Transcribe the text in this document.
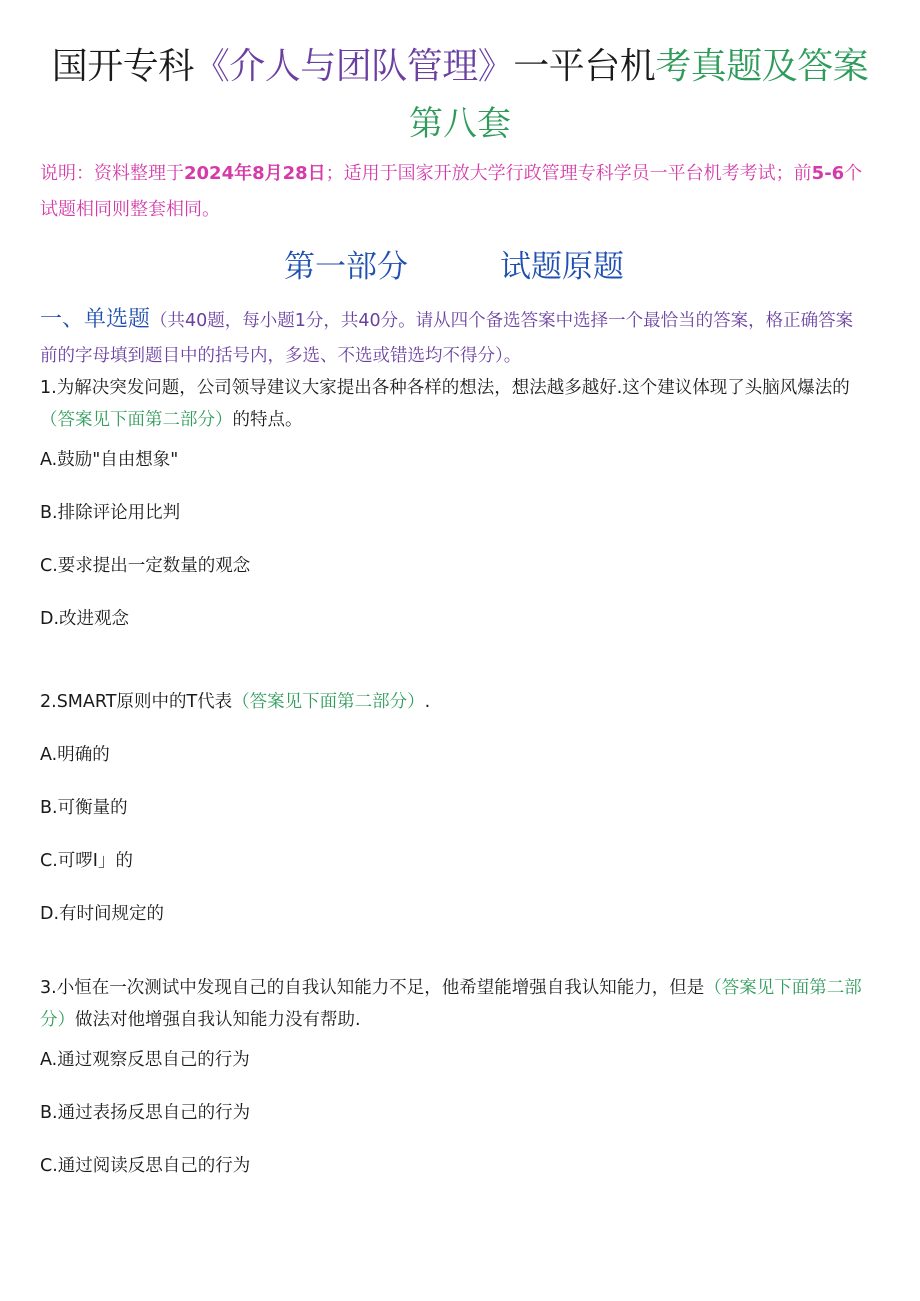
国开专科《介人与团队管理》一平台机考真题及答案
第八套
说明：资料整理于2024年8月28日；适用于国家开放大学行政管理专科学员一平台机考考试；前5-6个试题相同则整套相同。
第一部分	试题原题
一、单选题（共40题，每小题1分，共40分。请从四个备选答案中选择一个最恰当的答案，格正确答案前的字母填到题目中的括号内，多选、不选或错选均不得分）。
1.为解决突发问题，公司领导建议大家提出各种各样的想法，想法越多越好.这个建议体现了头脑风爆法的（答案见下面第二部分）的特点。
A.鼓励"自由想象"
B.排除评论用比判
C.要求提出一定数量的观念
D.改进观念
2.SMART原则中的T代表（答案见下面第二部分）.
A.明确的
B.可衡量的
C.可啰I」的
D.有时间规定的
3.小恒在一次测试中发现自己的自我认知能力不足，他希望能增强自我认知能力，但是（答案见下面第二部分）做法对他增强自我认知能力没有帮助.
A.通过观察反思自己的行为
B.通过表扬反思自己的行为
C.通过阅读反思自己的行为
